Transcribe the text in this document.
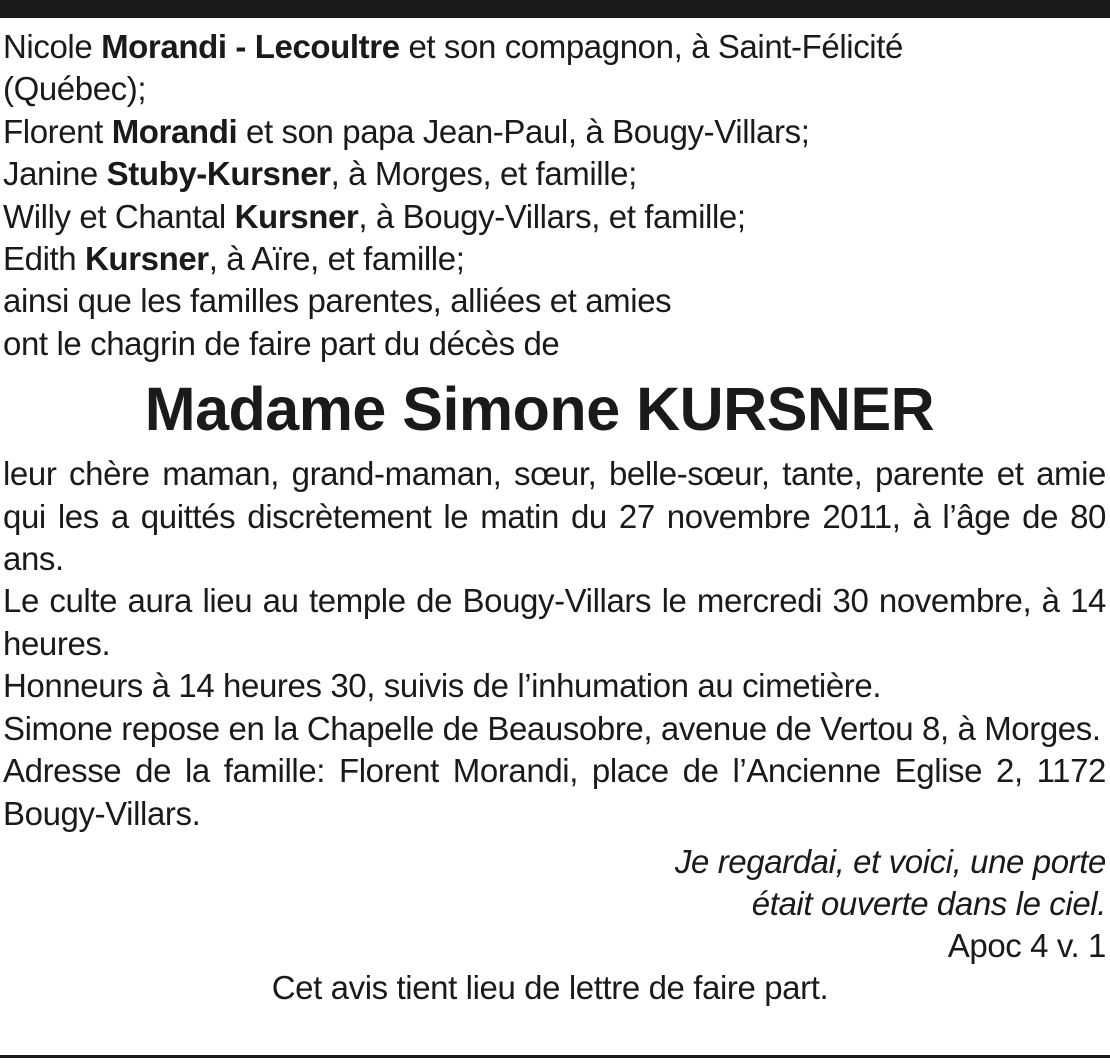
Nicole Morandi - Lecoultre et son compagnon, à Saint-Félicité
(Québec);
Florent Morandi et son papa Jean-Paul, à Bougy-Villars;
Janine Stuby-Kursner, à Morges, et famille;
Willy et Chantal Kursner, à Bougy-Villars, et famille;
Edith Kursner, à Aïre, et famille;
ainsi que les familles parentes, alliées et amies
ont le chagrin de faire part du décès de
Madame Simone KURSNER
leur chère maman, grand-maman, sœur, belle-sœur, tante, parente et amie qui les a quittés discrètement le matin du 27 novembre 2011, à l’âge de 80 ans.
Le culte aura lieu au temple de Bougy-Villars le mercredi 30 novembre, à 14 heures.
Honneurs à 14 heures 30, suivis de l’inhumation au cimetière.
Simone repose en la Chapelle de Beausobre, avenue de Vertou 8, à Morges.
Adresse de la famille: Florent Morandi, place de l’Ancienne Eglise 2, 1172 Bougy-Villars.
Je regardai, et voici, une porte
était ouverte dans le ciel.
Apoc 4 v. 1
Cet avis tient lieu de lettre de faire part.
